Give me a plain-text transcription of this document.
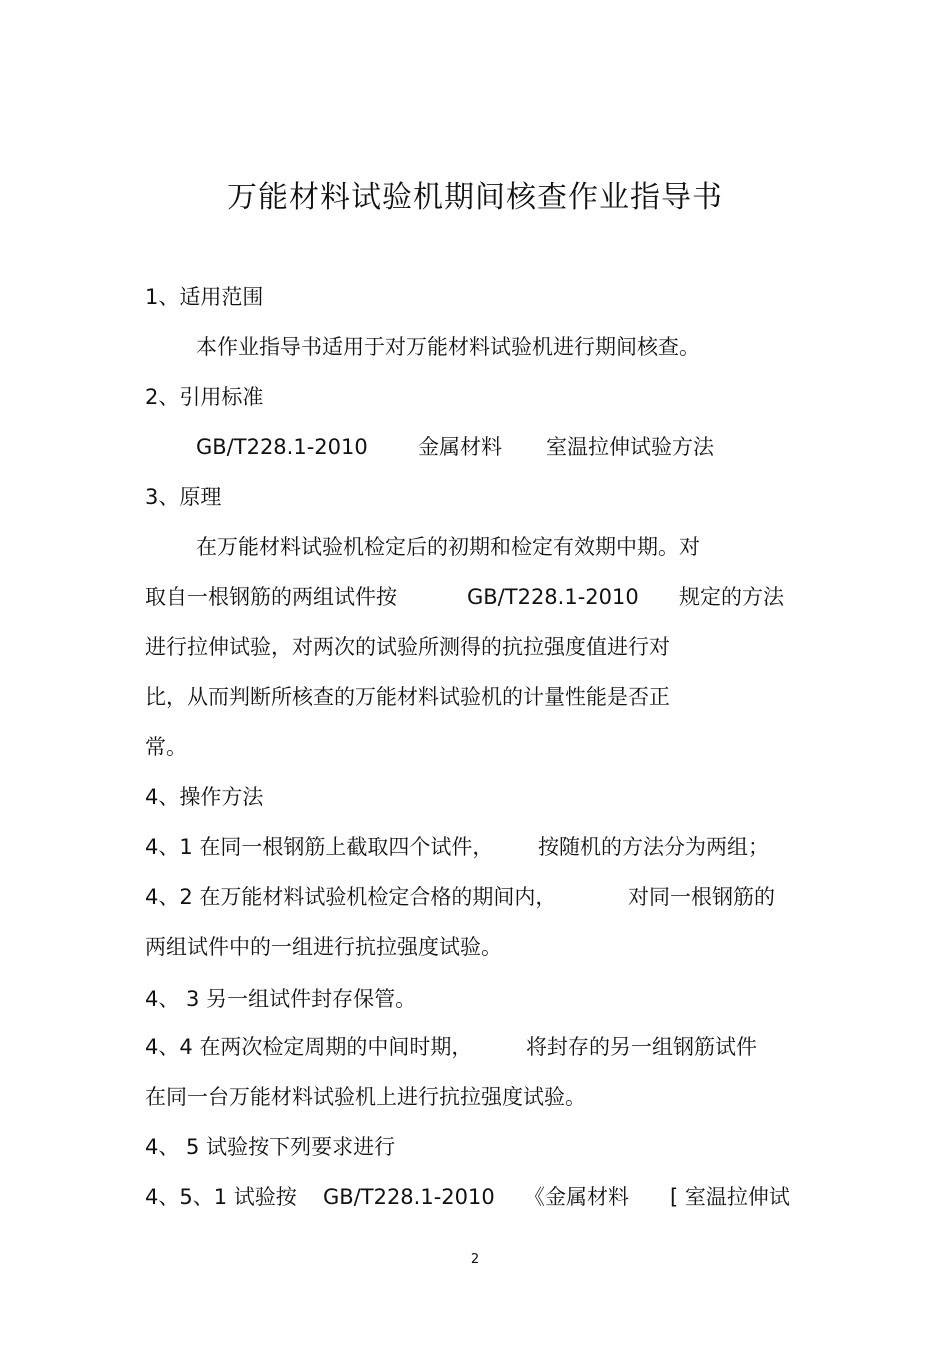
万能材料试验机期间核查作业指导书
1、适用范围
本作业指导书适用于对万能材料试验机进行期间核查。
2、引用标准
GB/T228.1-2010 金属材料 室温拉伸试验方法
3、原理
在万能材料试验机检定后的初期和检定有效期中期。对
取自一根钢筋的两组试件按	GB/T228.1-2010 规定的方法
进行拉伸试验，对两次的试验所测得的抗拉强度值进行对
比，从而判断所核查的万能材料试验机的计量性能是否正
常。
4、操作方法
4、1 在同一根钢筋上截取四个试件， 按随机的方法分为两组；
4、2 在万能材料试验机检定合格的期间内，	对同一根钢筋的
两组试件中的一组进行抗拉强度试验。
4、 3 另一组试件封存保管。
4、4 在两次检定周期的中间时期，	将封存的另一组钢筋试件
在同一台万能材料试验机上进行抗拉强度试验。
4、 5 试验按下列要求进行
4、5、1 试验按 GB/T228.1-2010 《金属材料 [ 室温拉伸试
2
